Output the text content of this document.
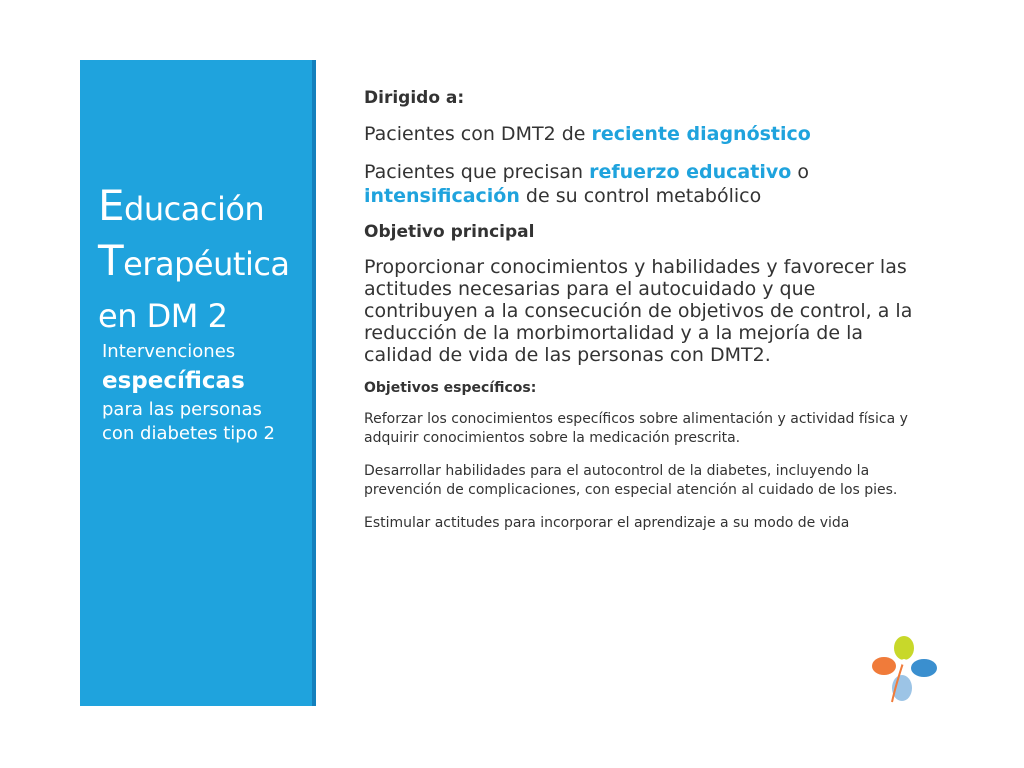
Educación
Terapéutica
en DM 2
Intervenciones
específicas
para las personas
con diabetes tipo 2

Dirigido a:

Pacientes con DMT2 de reciente diagnóstico

Pacientes que precisan refuerzo educativo o
intensificación de su control metabólico

Objetivo principal

Proporcionar conocimientos y habilidades y favorecer las actitudes necesarias para el autocuidado y que contribuyen a la consecución de objetivos de control, a la reducción de la morbimortalidad y a la mejoría de la calidad de vida de las personas con DMT2.

Objetivos específicos:

Reforzar los conocimientos específicos sobre alimentación y actividad física y adquirir conocimientos sobre la medicación prescrita.

Desarrollar habilidades para el autocontrol de la diabetes, incluyendo la prevención de complicaciones, con especial atención al cuidado de los pies.

Estimular actitudes para incorporar el aprendizaje a su modo de vida
